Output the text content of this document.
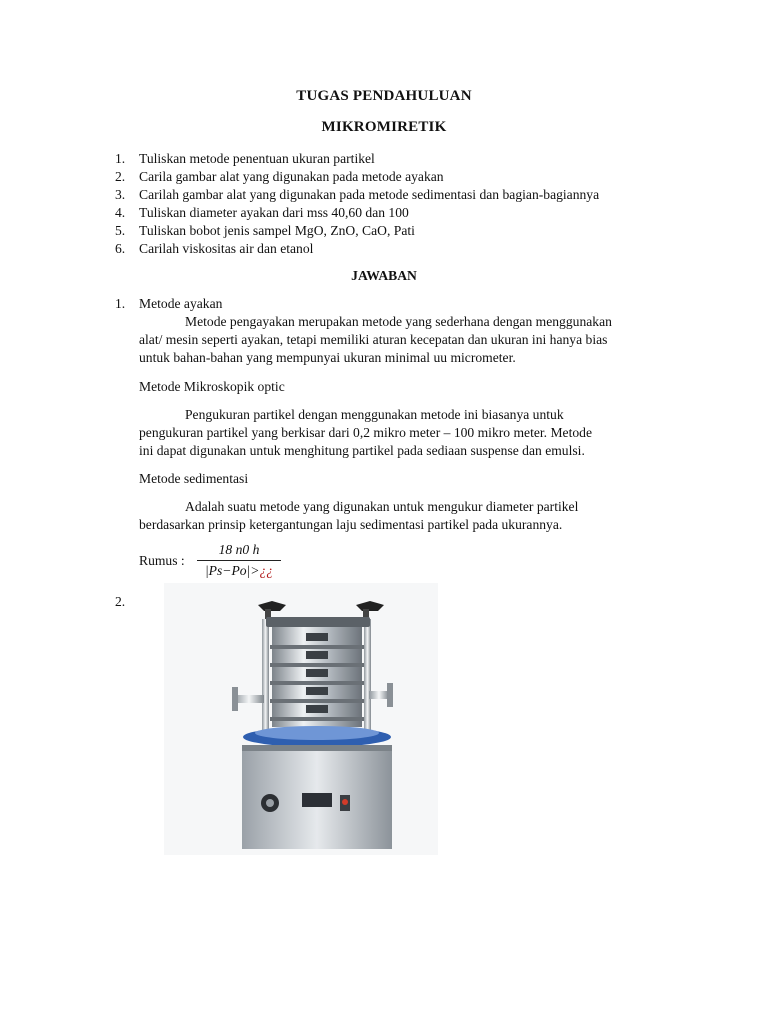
TUGAS PENDAHULUAN
MIKROMIRETIK
1. Tuliskan metode penentuan ukuran partikel
2. Carila gambar alat yang digunakan pada metode ayakan
3. Carilah gambar alat yang digunakan pada metode sedimentasi dan bagian-bagiannya
4. Tuliskan diameter ayakan dari mss 40,60 dan 100
5. Tuliskan bobot jenis sampel MgO, ZnO, CaO, Pati
6. Carilah viskositas air dan etanol
JAWABAN
1. Metode ayakan
Metode pengayakan merupakan metode yang sederhana dengan menggunakan
alat/ mesin seperti ayakan, tetapi memiliki aturan kecepatan dan ukuran ini hanya bias
untuk bahan-bahan yang mempunyai ukuran minimal uu micrometer.
Metode Mikroskopik optic
Pengukuran partikel dengan menggunakan metode ini biasanya untuk
pengukuran partikel yang berkisar dari 0,2 mikro meter – 100 mikro meter. Metode
ini dapat digunakan untuk menghitung partikel pada sediaan suspense dan emulsi.
Metode sedimentasi
Adalah suatu metode yang digunakan untuk mengukur diameter partikel
berdasarkan prinsip ketergantungan laju sedimentasi partikel pada ukurannya.
Rumus :
18 n0 h
|Ps−Po|>¿¿
2.
